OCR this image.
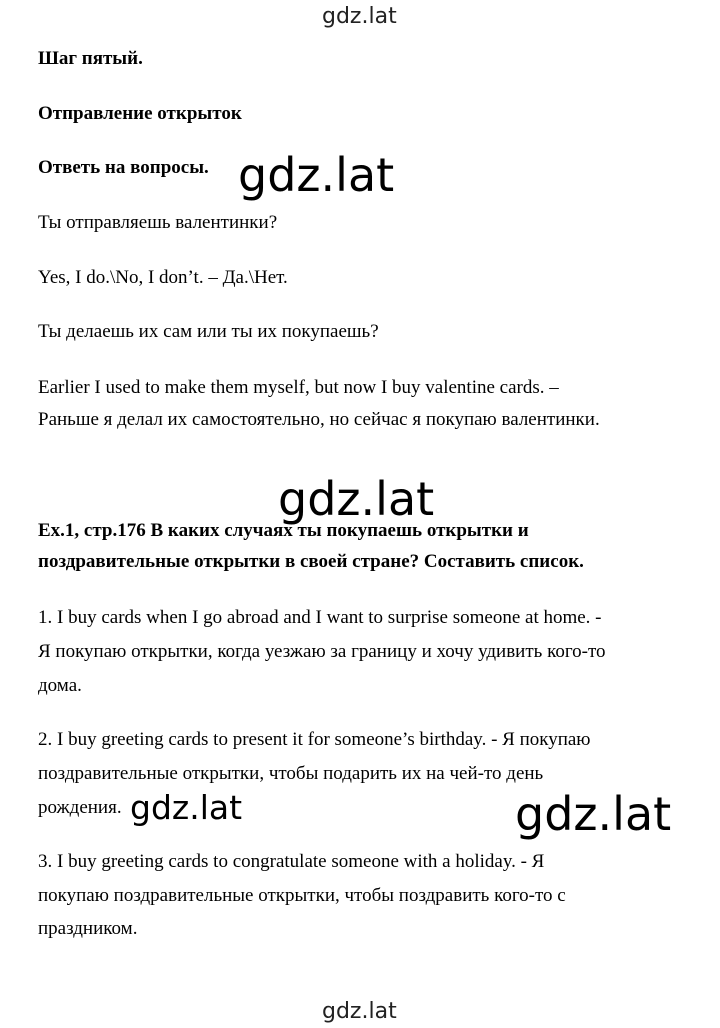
gdz.lat
Шаг пятый.
Отправление открыток
Ответь на вопросы.
Ты отправляешь валентинки?
Yes, I do.\No, I don’t. – Да.\Нет.
Ты делаешь их сам или ты их покупаешь?
Earlier I used to make them myself, but now I buy valentine cards. –
Раньше я делал их самостоятельно, но сейчас я покупаю валентинки.
Ex.1, стр.176 В каких случаях ты покупаешь открытки и
поздравительные открытки в своей стране? Составить список.
1. I buy cards when I go abroad and I want to surprise someone at home. -
Я покупаю открытки, когда уезжаю за границу и хочу удивить кого-то
дома.
2. I buy greeting cards to present it for someone’s birthday. - Я покупаю
поздравительные открытки, чтобы подарить их на чей-то день
рождения.
3. I buy greeting cards to congratulate someone with a holiday. - Я
покупаю поздравительные открытки, чтобы поздравить кого-то с
праздником.
gdz.lat
gdz.lat
gdz.lat	gdz.lat
gdz.lat
